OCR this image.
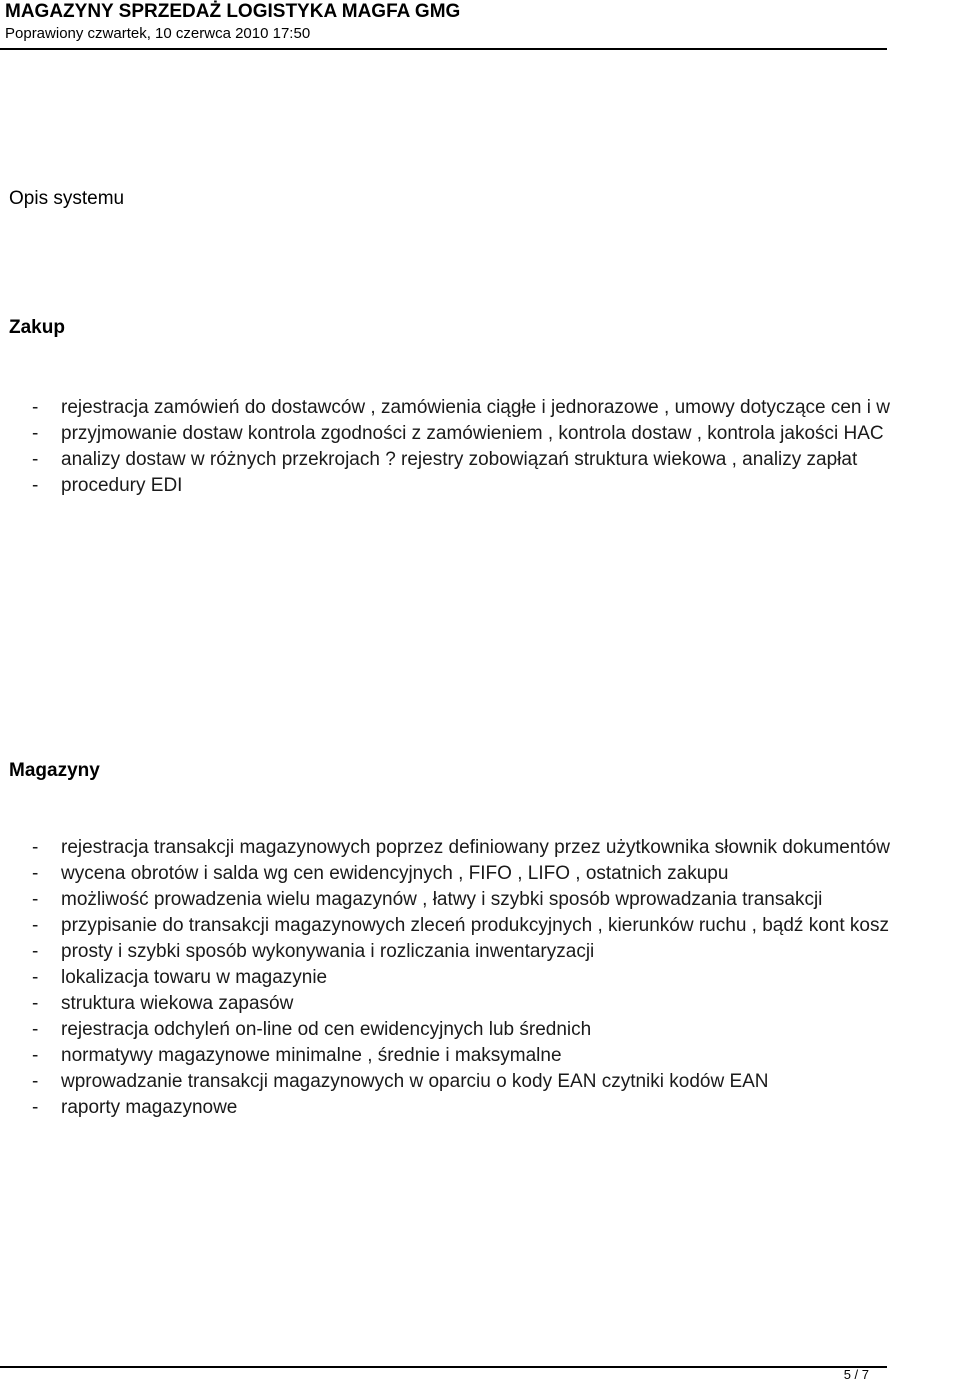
MAGAZYNY SPRZEDAŻ LOGISTYKA MAGFA GMG
Poprawiony czwartek, 10 czerwca 2010 17:50
Opis systemu
Zakup
- rejestracja zamówień do dostawców , zamówienia ciągłe i jednorazowe , umowy dotyczące cen i w
- przyjmowanie dostaw kontrola zgodności z zamówieniem , kontrola dostaw , kontrola jakości HAC
- analizy dostaw w różnych przekrojach ? rejestry zobowiązań struktura wiekowa , analizy zapłat
- procedury EDI
Magazyny
- rejestracja transakcji magazynowych poprzez definiowany przez użytkownika słownik dokumentów
- wycena obrotów i salda wg cen ewidencyjnych , FIFO , LIFO , ostatnich zakupu
- możliwość prowadzenia wielu magazynów , łatwy i szybki sposób wprowadzania transakcji
- przypisanie do transakcji magazynowych zleceń produkcyjnych , kierunków ruchu , bądź kont kosz
- prosty i szybki sposób wykonywania i rozliczania inwentaryzacji
- lokalizacja towaru w magazynie
- struktura wiekowa zapasów
- rejestracja odchyleń on-line od cen ewidencyjnych lub średnich
- normatywy magazynowe minimalne , średnie i maksymalne
- wprowadzanie transakcji magazynowych w oparciu o kody EAN czytniki kodów EAN
- raporty magazynowe
5 / 7
